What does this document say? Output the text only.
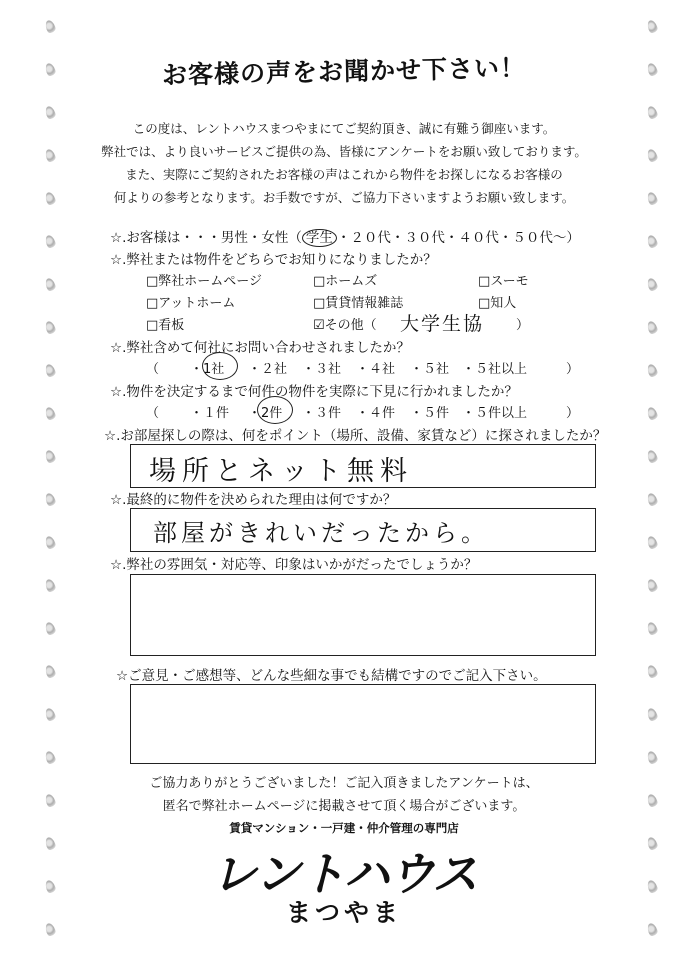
お客様の声をお聞かせ下さい！
この度は、レントハウスまつやまにてご契約頂き、誠に有難う御座います。
弊社では、より良いサービスご提供の為、皆様にアンケートをお願い致しております。
また、実際にご契約されたお客様の声はこれから物件をお探しになるお客様の
何よりの参考となります。お手数ですが、ご協力下さいますようお願い致します。
☆.お客様は・・・男性・女性（ 学生 ・２０代・３０代・４０代・５０代～）
☆.弊社または物件をどちらでお知りになりましたか？
□弊社ホームページ	□ホームズ	□スーモ
□アットホーム	□賃貸情報雑誌	□知人
□看板	☑その他（ 大学生協 ）
☆.弊社含めて何社にお問い合わせされましたか？
（ ・1社 ・２社 ・３社 ・４社 ・５社 ・５社以上	）
☆.物件を決定するまで何件の物件を実際に下見に行かれましたか？
（ ・１件 ・2件 ・３件 ・４件 ・５件 ・５件以上	）
☆.お部屋探しの際は、何をポイント（場所、設備、家賃など）に探されましたか？
場所とネット無料
☆.最終的に物件を決められた理由は何ですか？
部屋がきれいだったから。
☆.弊社の雰囲気・対応等、印象はいかがだったでしょうか？
☆ご意見・ご感想等、どんな些細な事でも結構ですのでご記入下さい。
ご協力ありがとうございました！ご記入頂きましたアンケートは、
匿名で弊社ホームページに掲載させて頂く場合がございます。
賃貸マンション・一戸建・仲介管理の専門店
レントハウス
まつやま
